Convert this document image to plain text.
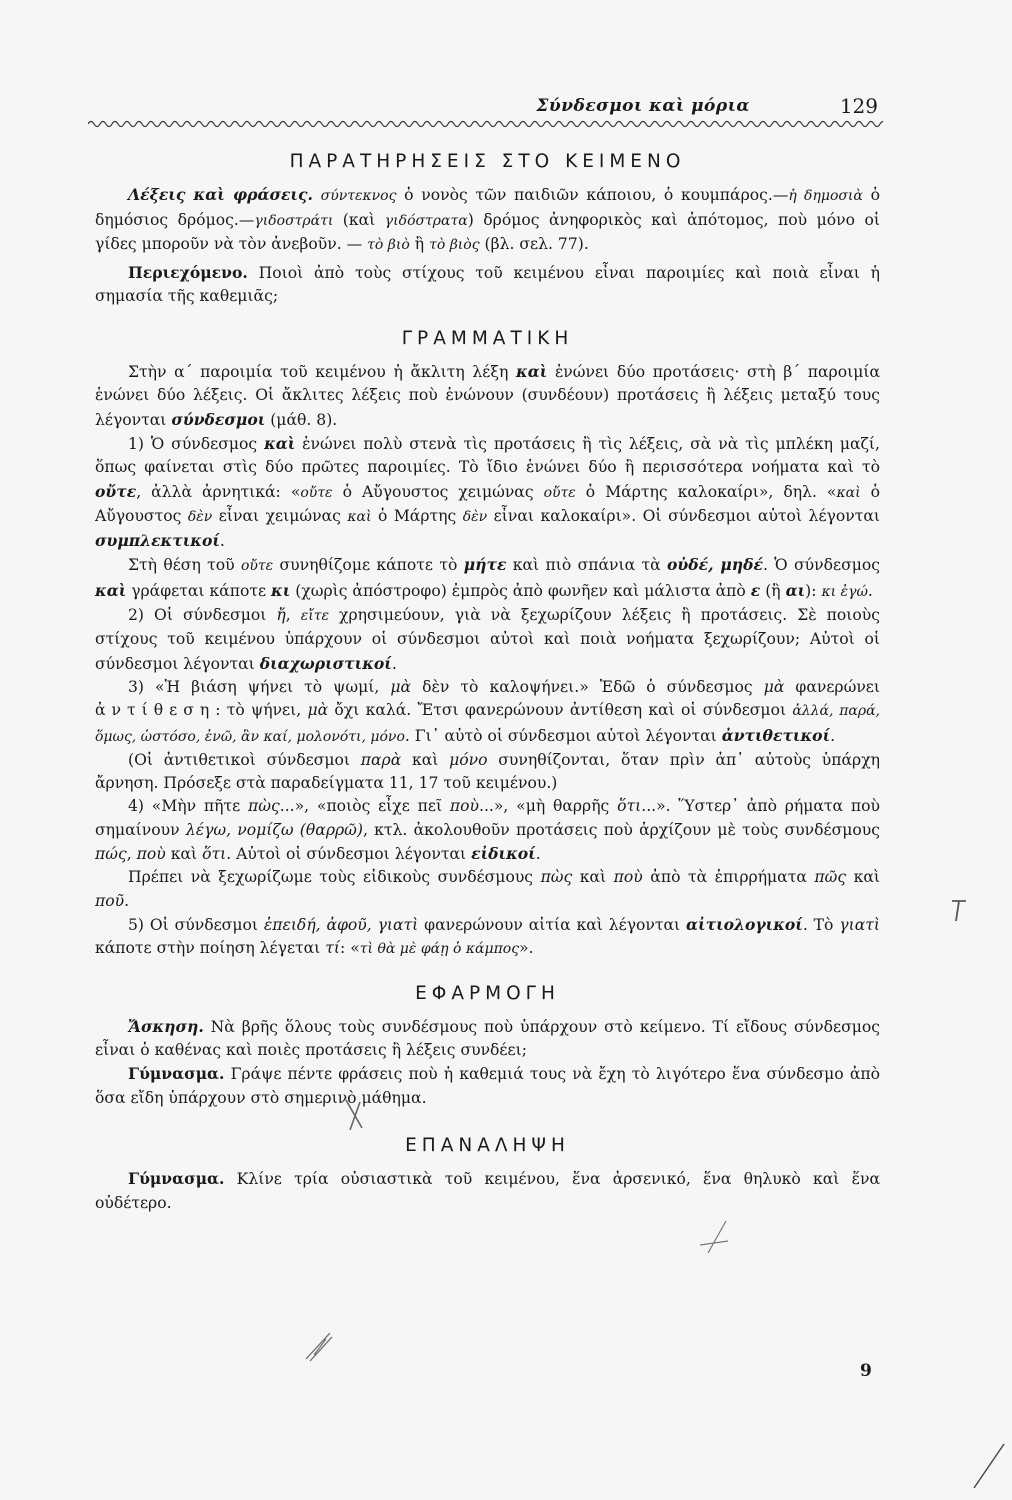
Σύνδεσμοι καὶ μόρια	129
ΠΑΡΑΤΗΡΗΣΕΙΣ ΣΤΟ ΚΕΙΜΕΝΟ

Λέξεις καὶ φράσεις. σύντεκνος ὁ νονὸς τῶν παιδιῶν κάποιου, ὁ κουμπάρος.—ἡ δημοσιὰ ὁ δημόσιος δρόμος.—γιδοστράτι (καὶ γιδόστρατα) δρόμος ἀνηφορικὸς καὶ ἀπότομος, ποὺ μόνο οἱ γίδες μποροῦν νὰ τὸν ἀνεβοῦν. — τὸ βιὸ ἢ τὸ βιὸς (βλ. σελ. 77).

Περιεχόμενο. Ποιοὶ ἀπὸ τοὺς στίχους τοῦ κειμένου εἶναι παροιμίες καὶ ποιὰ εἶναι ἡ σημασία τῆς καθεμιᾶς;

ΓΡΑΜΜΑΤΙΚΗ

Στὴν α΄ παροιμία τοῦ κειμένου ἡ ἄκλιτη λέξη καὶ ἑνώνει δύο προτάσεις· στὴ β΄ παροιμία ἑνώνει δύο λέξεις. Οἱ ἄκλιτες λέξεις ποὺ ἑνώνουν (συνδέουν) προτάσεις ἢ λέξεις μεταξύ τους λέγονται σύνδεσμοι (μάθ. 8).

1) Ὁ σύνδεσμος καὶ ἑνώνει πολὺ στενὰ τὶς προτάσεις ἢ τὶς λέξεις, σὰ νὰ τὶς μπλέκη μαζί, ὅπως φαίνεται στὶς δύο πρῶτες παροιμίες. Τὸ ἴδιο ἑνώνει δύο ἢ περισσότερα νοήματα καὶ τὸ οὔτε, ἀλλὰ ἀρνητικά: «οὔτε ὁ Αὔγουστος χειμώνας οὔτε ὁ Μάρτης καλοκαίρι», δηλ. «καὶ ὁ Αὔγουστος δὲν εἶναι χειμώνας καὶ ὁ Μάρτης δὲν εἶναι καλοκαίρι». Οἱ σύνδεσμοι αὐτοὶ λέγονται συμπλεκτικοί.

Στὴ θέση τοῦ οὔτε συνηθίζομε κάποτε τὸ μήτε καὶ πιὸ σπάνια τὰ οὐδέ, μηδέ. Ὁ σύνδεσμος καὶ γράφεται κάποτε κι (χωρὶς ἀπόστροφο) ἐμπρὸς ἀπὸ φωνῆεν καὶ μάλιστα ἀπὸ ε (ἢ αι): κι ἐγώ.

2) Οἱ σύνδεσμοι ἤ, εἴτε χρησιμεύουν, γιὰ νὰ ξεχωρίζουν λέξεις ἢ προτάσεις. Σὲ ποιοὺς στίχους τοῦ κειμένου ὑπάρχουν οἱ σύνδεσμοι αὐτοὶ καὶ ποιὰ νοήματα ξεχωρίζουν; Αὐτοὶ οἱ σύνδεσμοι λέγονται διαχωριστικοί.

3) «Ἡ βιάση ψήνει τὸ ψωμί, μὰ δὲν τὸ καλοψήνει.» Ἐδῶ ὁ σύνδεσμος μὰ φανερώνει ἀντίθεση: τὸ ψήνει, μὰ ὄχι καλά. Ἔτσι φανερώνουν ἀντίθεση καὶ οἱ σύνδεσμοι ἀλλά, παρά, ὅμως, ὡστόσο, ἐνῶ, ἂν καί, μολονότι, μόνο. Γι᾿ αὐτὸ οἱ σύνδεσμοι αὐτοὶ λέγονται ἀντιθετικοί.

(Οἱ ἀντιθετικοὶ σύνδεσμοι παρὰ καὶ μόνο συνηθίζονται, ὅταν πρὶν ἀπ᾿ αὐτοὺς ὑπάρχη ἄρνηση. Πρόσεξε στὰ παραδείγματα 11, 17 τοῦ κειμένου.)

4) «Μὴν πῆτε πὼς...», «ποιὸς εἶχε πεῖ ποὺ...», «μὴ θαρρῆς ὅτι...». Ὕστερ᾿ ἀπὸ ρήματα ποὺ σημαίνουν λέγω, νομίζω (θαρρῶ), κτλ. ἀκολουθοῦν προτάσεις ποὺ ἀρχίζουν μὲ τοὺς συνδέσμους πώς, ποὺ καὶ ὅτι. Αὐτοὶ οἱ σύνδεσμοι λέγονται εἰδικοί.

Πρέπει νὰ ξεχωρίζωμε τοὺς εἰδικοὺς συνδέσμους πὼς καὶ ποὺ ἀπὸ τὰ ἐπιρρήματα πῶς καὶ ποῦ.

5) Οἱ σύνδεσμοι ἐπειδή, ἀφοῦ, γιατὶ φανερώνουν αἰτία καὶ λέγονται αἰτιολογικοί. Τὸ γιατὶ κάποτε στὴν ποίηση λέγεται τί: «τὶ θὰ μὲ φάῃ ὁ κάμπος».

ΕΦΑΡΜΟΓΗ

Ἄσκηση. Νὰ βρῆς ὅλους τοὺς συνδέσμους ποὺ ὑπάρχουν στὸ κείμενο. Τί εἴδους σύνδεσμος εἶναι ὁ καθένας καὶ ποιὲς προτάσεις ἢ λέξεις συνδέει;

Γύμνασμα. Γράψε πέντε φράσεις ποὺ ἡ καθεμιά τους νὰ ἔχη τὸ λιγότερο ἕνα σύνδεσμο ἀπὸ ὅσα εἴδη ὑπάρχουν στὸ σημερινὸ μάθημα.

ΕΠΑΝΑΛΗΨΗ

Γύμνασμα. Κλίνε τρία οὐσιαστικὰ τοῦ κειμένου, ἕνα ἀρσενικό, ἕνα θηλυκὸ καὶ ἕνα οὐδέτερο.

9
